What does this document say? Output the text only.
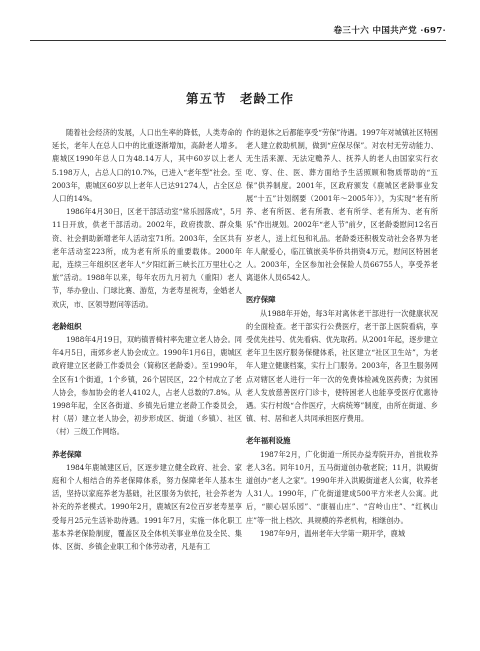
卷三十六 中国共产党 ·697·
第五节　老龄工作

随着社会经济的发展，人口出生率的降低，人类寿命的延长，老年人在总人口中的比重逐渐增加，高龄老人增多。鹿城区1990年总人口为48.14万人，其中60岁以上老人5.198万人，占总人口的10.7%，已进入“老年型”社会。至2003年，鹿城区60岁以上老年人已达91274人，占全区总人口的14%。

1986年4月30日，区老干部活动室“常乐园落成”，5月11日开放，供老干部活动。2002年，政府拨款、群众集资、社会捐助新增老年人活动室71所。2003年，全区共有老年活动室223所，成为老有所乐的重要载体。2000年起，连续三年组织区老年人“夕阳红新三峡长江万里壮心之旅”活动。1988年以来，每年农历九月初九（重阳）老人节，举办登山、门球比赛、游览，为老寿星祝寿，金婚老人欢庆，市、区领导慰问等活动。

老龄组织

1988年4月19日，双屿镇晋椅村率先建立老人协会。同年4月5日，南郊乡老人协会成立。1990年1月6日，鹿城区政府建立区老龄工作委员会（简称区老龄委）。至1990年，全区有1个街道，1个乡镇，26个居民区，22个村成立了老人协会，参加协会的老人4102人，占老人总数的7.8%。从1998年起，全区各街道、乡镇先后建立老龄工作委员会，村（居）建立老人协会，初步形成区、街道（乡镇）、社区（村）三级工作网络。

养老保障

1984年鹿城建区后，区逐步建立健全政府、社会、家庭和个人相结合的养老保障体系，努力保障老年人基本生活，坚持以家庭养老为基础，社区服务为依托，社会养老为补充的养老模式。1990年2月，鹿城区有2位百岁老寿星享受每月25元生活补助待遇。1991年7月，实施一体化职工基本养老保险制度，覆盖区及全体机关事业单位及全民、集体、区街、乡镇企业职工和个体劳动者，凡是有工

作的退休之后都能享受“劳保”待遇。1997年对城镇社区特困老人建立救助机制，做到“应保尽保”。对农村无劳动能力、无生活来源、无法定赡养人、抚养人的老人由国家实行衣吃、穿、住、医、葬方面给予生活照顾和物质帮助的“五保”供养制度。2001年，区政府颁发《鹿城区老龄事业发展“十五”计划纲要（2001年～2005年）》，为实现“老有所养、老有所医、老有所教、老有所学、老有所为、老有所乐”作出规划。2002年“老人节”前夕，区老龄委慰问12名百岁老人，送上红包和礼品。老龄委还积极发动社会各界为老年人献爱心，临江镇嵌美华侨共捐资4万元，慰问区特困老人。2003年，全区参加社会保险人员66755人，享受养老离退休人员6542人。

医疗保障

从1988年开始，每3年对离休老干部进行一次健康状况的全面检查。老干部实行公费医疗，老干部上医院看病，享受优先挂号、优先看病、优先取药。从2001年起，逐步建立老年卫生医疗服务保健体系，社区建立“社区卫生站”，为老年人建立健康档案，实行上门服务。2003年，各卫生服务网点对辖区老人进行一年一次的免费体检减免医药费；为贫困老人发放慈善医疗门诊卡，使特困老人也能享受医疗优惠待遇。实行村级“合作医疗，大病统筹”制度，由所在街道、乡镇、村、居和老人共同承担医疗费用。

老年福利设施

1987年2月，广化街道一所民办益寿院开办，首批收养老人3名。同年10月，五马街道创办敬老院；11月，洪殿街道创办“老人之家”。1990年并入洪殿街道老人公寓，收养老人31人。1990年，广化街道建成500平方米老人公寓。此后，“颐心居乐园”、“康福山庄”、“宫岭山庄”、“红枫山庄”等一批上档次、具规模的养老机构，相继创办。

1987年9月，温州老年大学第一期开学，鹿城
